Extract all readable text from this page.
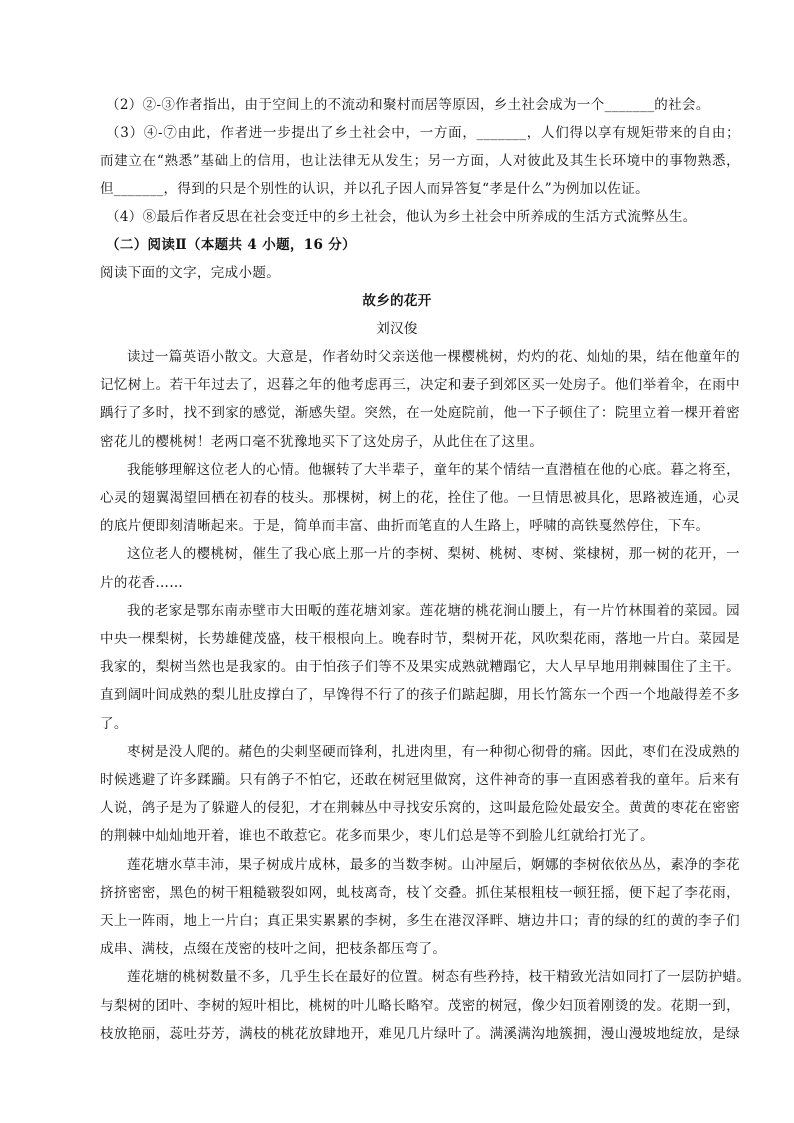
（2）②-③作者指出，由于空间上的不流动和聚村而居等原因，乡土社会成为一个_______的社会。
（3）④-⑦由此，作者进一步提出了乡土社会中，一方面，_______，人们得以享有规矩带来的自由；
而建立在“熟悉”基础上的信用，也让法律无从发生；另一方面，人对彼此及其生长环境中的事物熟悉，
但_______，得到的只是个别性的认识，并以孔子因人而异答复“孝是什么”为例加以佐证。
（4）⑧最后作者反思在社会变迁中的乡土社会，他认为乡土社会中所养成的生活方式流弊丛生。
（二）阅读Ⅱ（本题共 4 小题，16 分）
阅读下面的文字，完成小题。
故乡的花开
刘汉俊
读过一篇英语小散文。大意是，作者幼时父亲送他一棵樱桃树，灼灼的花、灿灿的果，结在他童年的
记忆树上。若干年过去了，迟暮之年的他考虑再三，决定和妻子到郊区买一处房子。他们举着伞，在雨中
踽行了多时，找不到家的感觉，渐感失望。突然，在一处庭院前，他一下子顿住了：院里立着一棵开着密
密花儿的樱桃树！老两口毫不犹豫地买下了这处房子，从此住在了这里。
我能够理解这位老人的心情。他辗转了大半辈子，童年的某个情结一直潜植在他的心底。暮之将至，
心灵的翅翼渴望回栖在初春的枝头。那棵树，树上的花，拴住了他。一旦情思被具化，思路被连通，心灵
的底片便即刻清晰起来。于是，简单而丰富、曲折而笔直的人生路上，呼啸的高铁戛然停住，下车。
这位老人的樱桃树，催生了我心底上那一片的李树、梨树、桃树、枣树、棠棣树，那一树的花开，一
片的花香……
我的老家是鄂东南赤壁市大田畈的莲花塘刘家。莲花塘的桃花涧山腰上，有一片竹林围着的菜园。园
中央一棵梨树，长势雄健茂盛，枝干根根向上。晚春时节，梨树开花，风吹梨花雨，落地一片白。菜园是
我家的，梨树当然也是我家的。由于怕孩子们等不及果实成熟就糟蹋它，大人早早地用荆棘围住了主干。
直到阔叶间成熟的梨儿肚皮撑白了，早馋得不行了的孩子们踮起脚，用长竹篙东一个西一个地敲得差不多
了。
枣树是没人爬的。赭色的尖刺坚硬而锋利，扎进肉里，有一种彻心彻骨的痛。因此，枣们在没成熟的
时候逃避了许多蹂躏。只有鸽子不怕它，还敢在树冠里做窝，这件神奇的事一直困惑着我的童年。后来有
人说，鸽子是为了躲避人的侵犯，才在荆棘丛中寻找安乐窝的，这叫最危险处最安全。黄黄的枣花在密密
的荆棘中灿灿地开着，谁也不敢惹它。花多而果少，枣儿们总是等不到脸儿红就给打光了。
莲花塘水草丰沛，果子树成片成林，最多的当数李树。山冲屋后，婀娜的李树依依丛丛，素净的李花
挤挤密密，黑色的树干粗糙皲裂如网，虬枝离奇，枝丫交叠。抓住某根粗枝一顿狂摇，便下起了李花雨，
天上一阵雨，地上一片白；真正果实累累的李树，多生在港汊泽畔、塘边井口；青的绿的红的黄的李子们
成串、满枝，点缀在茂密的枝叶之间，把枝条都压弯了。
莲花塘的桃树数量不多，几乎生长在最好的位置。树态有些矜持，枝干精致光洁如同打了一层防护蜡。
与梨树的团叶、李树的短叶相比，桃树的叶儿略长略窄。茂密的树冠，像少妇顶着刚烫的发。花期一到，
枝放艳丽，蕊吐芬芳，满枝的桃花放肆地开，难见几片绿叶了。满溪满沟地簇拥，漫山漫坡地绽放，是绿
